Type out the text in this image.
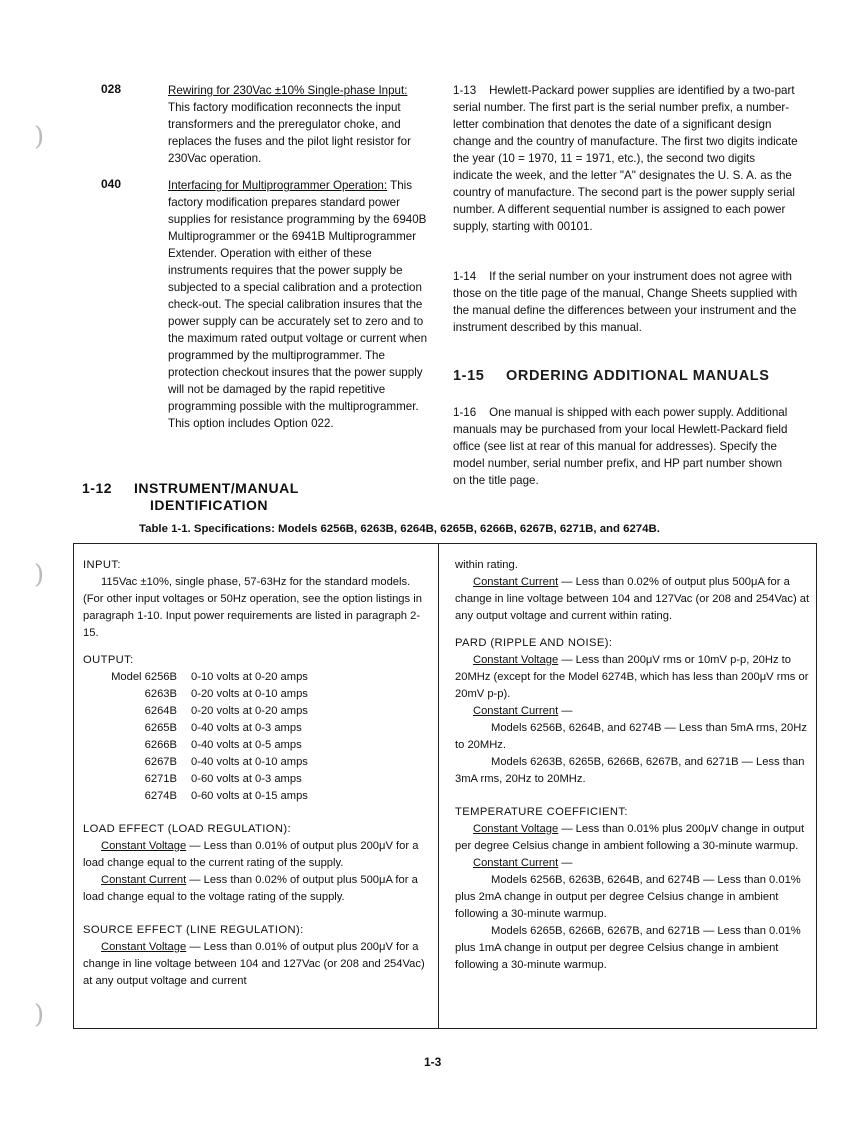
)
)
)
028	Rewiring for 230Vac ±10% Single-phase Input: This factory modification reconnects the input transformers and the preregulator choke, and replaces the fuses and the pilot light resistor for 230Vac operation.
040	Interfacing for Multiprogrammer Operation: This factory modification prepares standard power supplies for resistance programming by the 6940B Multiprogrammer or the 6941B Multiprogrammer Extender. Operation with either of these instruments requires that the power supply be subjected to a special calibration and a protection check-out. The special calibration insures that the power supply can be accurately set to zero and to the maximum rated output voltage or current when programmed by the multiprogrammer. The protection checkout insures that the power supply will not be damaged by the rapid repetitive programming possible with the multiprogrammer. This option includes Option 022.
1-12 INSTRUMENT/MANUAL
IDENTIFICATION
1-13 Hewlett-Packard power supplies are identified by a two-part serial number. The first part is the serial number prefix, a number-letter combination that denotes the date of a significant design change and the country of manufacture. The first two digits indicate the year (10 = 1970, 11 = 1971, etc.), the second two digits indicate the week, and the letter "A" designates the U. S. A. as the country of manufacture. The second part is the power supply serial number. A different sequential number is assigned to each power supply, starting with 00101.
1-14 If the serial number on your instrument does not agree with those on the title page of the manual, Change Sheets supplied with the manual define the differences between your instrument and the instrument described by this manual.
1-15 ORDERING ADDITIONAL MANUALS
1-16 One manual is shipped with each power supply. Additional manuals may be purchased from your local Hewlett-Packard field office (see list at rear of this manual for addresses). Specify the model number, serial number prefix, and HP part number shown on the title page.
Table 1-1. Specifications: Models 6256B, 6263B, 6264B, 6265B, 6266B, 6267B, 6271B, and 6274B.
INPUT:
115Vac ±10%, single phase, 57-63Hz for the standard models. (For other input voltages or 50Hz operation, see the option listings in paragraph 1-10. Input power requirements are listed in paragraph 2-15.
OUTPUT:
Model 6256B	0-10 volts at 0-20 amps
6263B	0-20 volts at 0-10 amps
6264B	0-20 volts at 0-20 amps
6265B	0-40 volts at 0-3 amps
6266B	0-40 volts at 0-5 amps
6267B	0-40 volts at 0-10 amps
6271B	0-60 volts at 0-3 amps
6274B	0-60 volts at 0-15 amps
LOAD EFFECT (LOAD REGULATION):
Constant Voltage — Less than 0.01% of output plus 200μV for a load change equal to the current rating of the supply.
Constant Current — Less than 0.02% of output plus 500μA for a load change equal to the voltage rating of the supply.
SOURCE EFFECT (LINE REGULATION):
Constant Voltage — Less than 0.01% of output plus 200μV for a change in line voltage between 104 and 127Vac (or 208 and 254Vac) at any output voltage and current
within rating.
Constant Current — Less than 0.02% of output plus 500μA for a change in line voltage between 104 and 127Vac (or 208 and 254Vac) at any output voltage and current within rating.
PARD (RIPPLE AND NOISE):
Constant Voltage — Less than 200μV rms or 10mV p-p, 20Hz to 20MHz (except for the Model 6274B, which has less than 200μV rms or 20mV p-p).
Constant Current —
Models 6256B, 6264B, and 6274B — Less than 5mA rms, 20Hz to 20MHz.
Models 6263B, 6265B, 6266B, 6267B, and 6271B — Less than 3mA rms, 20Hz to 20MHz.
TEMPERATURE COEFFICIENT:
Constant Voltage — Less than 0.01% plus 200μV change in output per degree Celsius change in ambient following a 30-minute warmup.
Constant Current —
Models 6256B, 6263B, 6264B, and 6274B — Less than 0.01% plus 2mA change in output per degree Celsius change in ambient following a 30-minute warmup.
Models 6265B, 6266B, 6267B, and 6271B — Less than 0.01% plus 1mA change in output per degree Celsius change in ambient following a 30-minute warmup.
1-3
